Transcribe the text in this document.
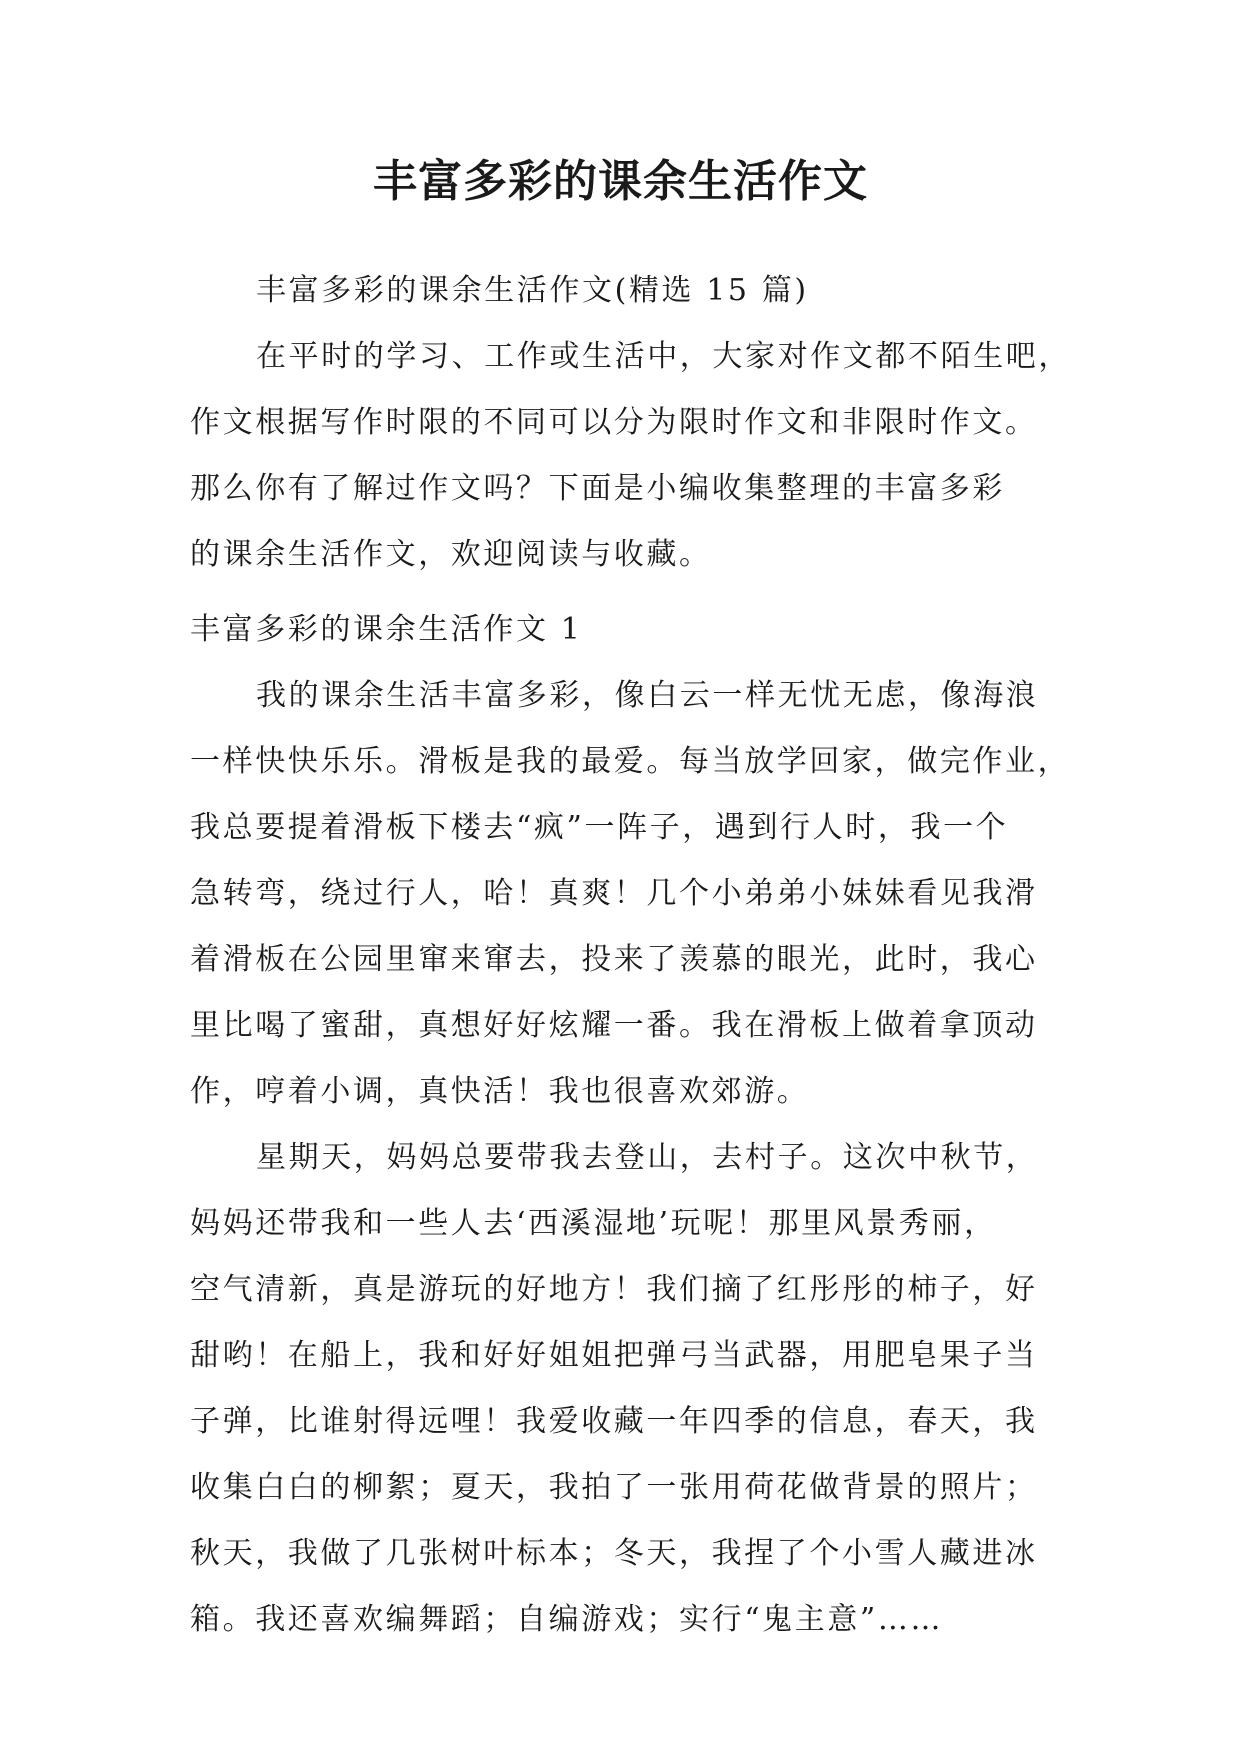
丰富多彩的课余生活作文
丰富多彩的课余生活作文(精选 15 篇)
在平时的学习、工作或生活中，大家对作文都不陌生吧，
作文根据写作时限的不同可以分为限时作文和非限时作文。
那么你有了解过作文吗？下面是小编收集整理的丰富多彩
的课余生活作文，欢迎阅读与收藏。
丰富多彩的课余生活作文 1
我的课余生活丰富多彩，像白云一样无忧无虑，像海浪
一样快快乐乐。滑板是我的最爱。每当放学回家，做完作业，
我总要提着滑板下楼去“疯”一阵子，遇到行人时，我一个
急转弯，绕过行人，哈！真爽！几个小弟弟小妹妹看见我滑
着滑板在公园里窜来窜去，投来了羡慕的眼光，此时，我心
里比喝了蜜甜，真想好好炫耀一番。我在滑板上做着拿顶动
作，哼着小调，真快活！我也很喜欢郊游。
星期天，妈妈总要带我去登山，去村子。这次中秋节，
妈妈还带我和一些人去‘西溪湿地’玩呢！那里风景秀丽，
空气清新，真是游玩的好地方！我们摘了红彤彤的柿子，好
甜哟！在船上，我和好好姐姐把弹弓当武器，用肥皂果子当
子弹，比谁射得远哩！我爱收藏一年四季的信息，春天，我
收集白白的柳絮；夏天，我拍了一张用荷花做背景的照片；
秋天，我做了几张树叶标本；冬天，我捏了个小雪人藏进冰
箱。我还喜欢编舞蹈；自编游戏；实行“鬼主意”……
